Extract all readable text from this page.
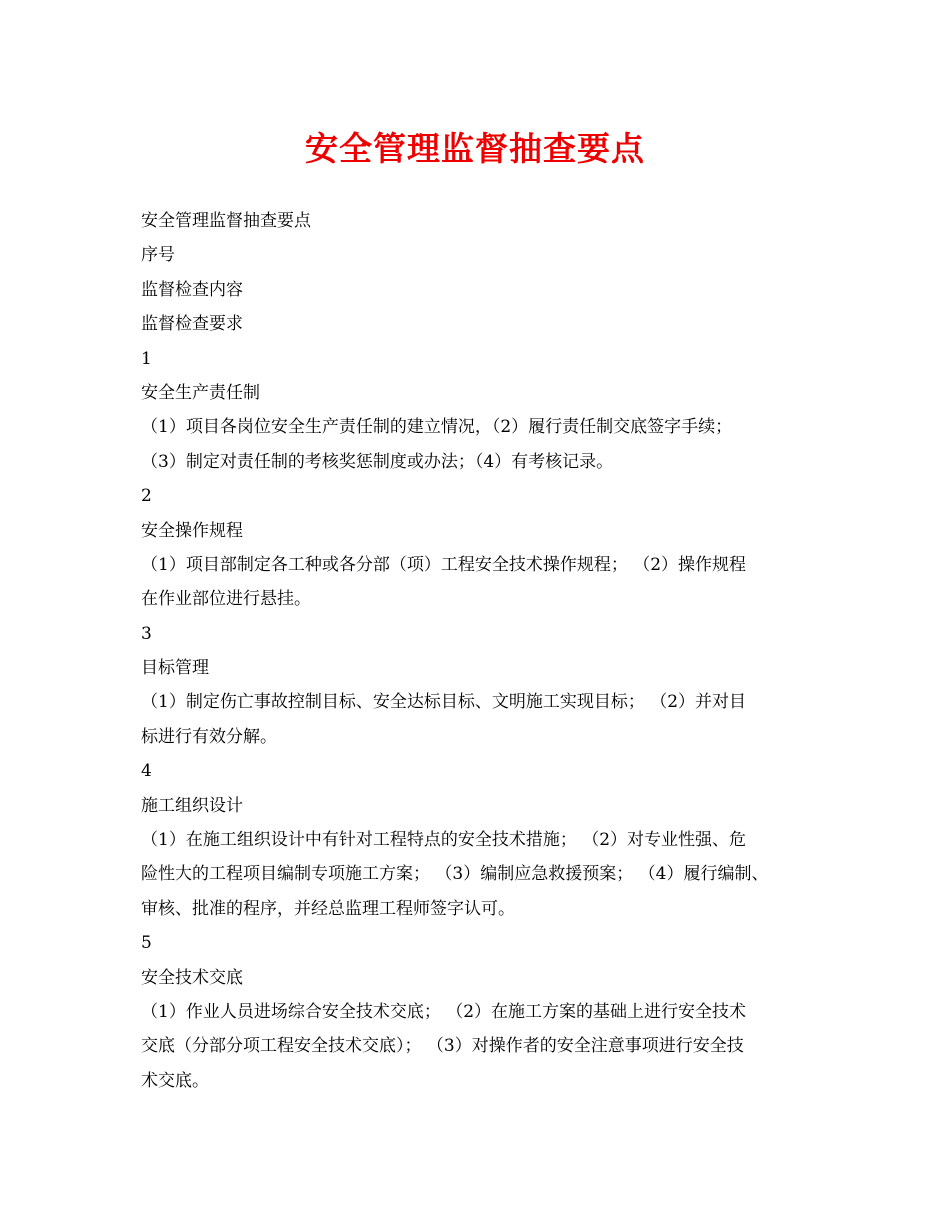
安全管理监督抽查要点
安全管理监督抽查要点
序号
监督检查内容
监督检查要求
1
安全生产责任制
（1）项目各岗位安全生产责任制的建立情况，（2）履行责任制交底签字手续；
（3）制定对责任制的考核奖惩制度或办法；（4）有考核记录。
2
安全操作规程
（1）项目部制定各工种或各分部（项）工程安全技术操作规程； （2）操作规程
在作业部位进行悬挂。
3
目标管理
（1）制定伤亡事故控制目标、安全达标目标、文明施工实现目标； （2）并对目
标进行有效分解。
4
施工组织设计
（1）在施工组织设计中有针对工程特点的安全技术措施； （2）对专业性强、危
险性大的工程项目编制专项施工方案； （3）编制应急救援预案； （4）履行编制、
审核、批准的程序，并经总监理工程师签字认可。
5
安全技术交底
（1）作业人员进场综合安全技术交底； （2）在施工方案的基础上进行安全技术
交底（分部分项工程安全技术交底）； （3）对操作者的安全注意事项进行安全技
术交底。
